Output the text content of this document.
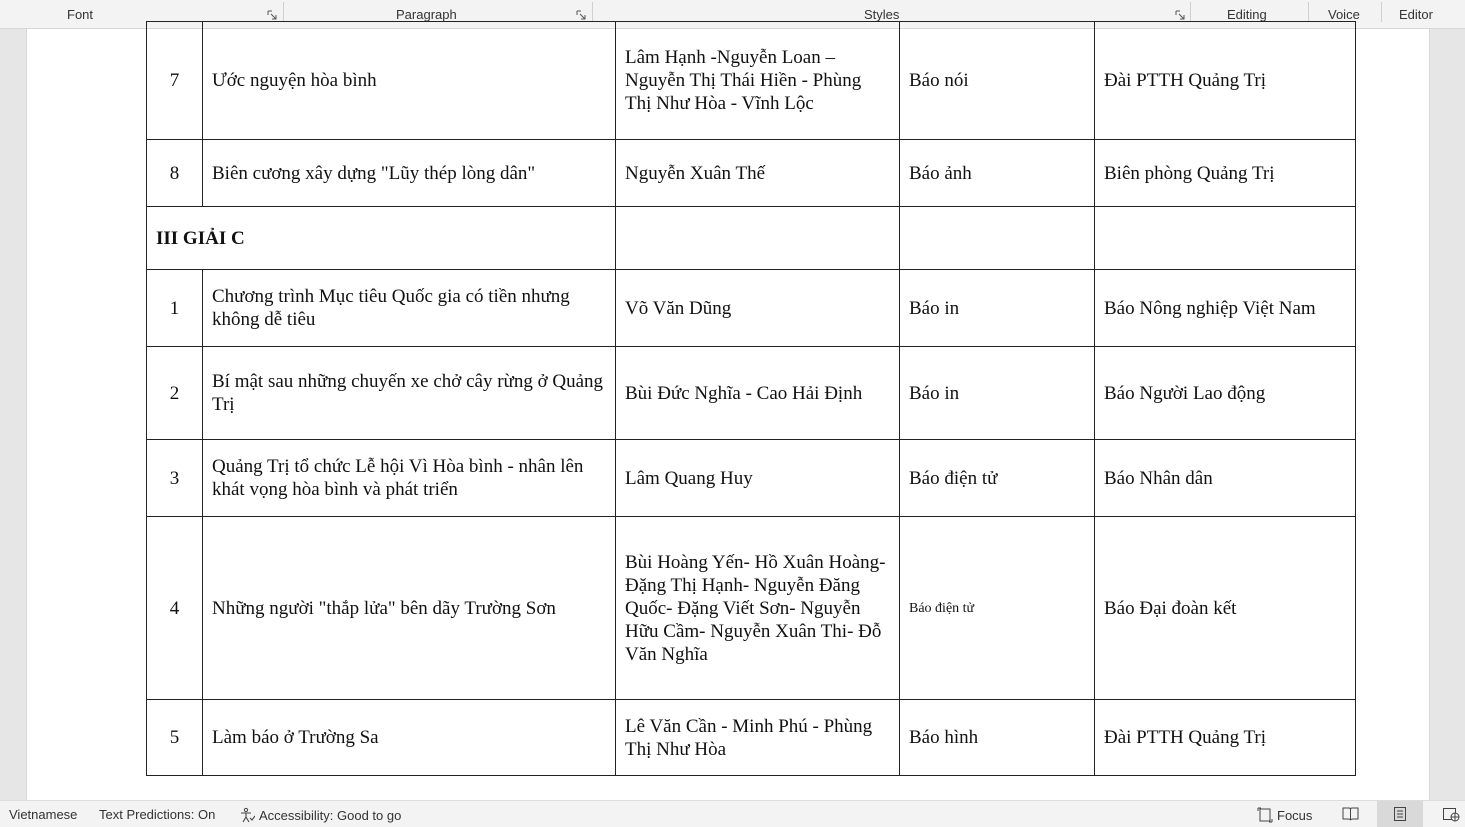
Font	Paragraph	Styles	Editing	Voice	Editor
7	Ước nguyện hòa bình	Lâm Hạnh -Nguyễn Loan – Nguyễn Thị Thái Hiền - Phùng Thị Như Hòa - Vĩnh Lộc	Báo nói	Đài PTTH Quảng Trị
8	Biên cương xây dựng "Lũy thép lòng dân"	Nguyễn Xuân Thế	Báo ảnh	Biên phòng Quảng Trị
III GIẢI C				
1	Chương trình Mục tiêu Quốc gia có tiền nhưng không dễ tiêu	Võ Văn Dũng	Báo in	Báo Nông nghiệp Việt Nam
2	Bí mật sau những chuyến xe chở cây rừng ở Quảng Trị	Bùi Đức Nghĩa - Cao Hải Định	Báo in	Báo Người Lao động
3	Quảng Trị tổ chức Lễ hội Vì Hòa bình - nhân lên khát vọng hòa bình và phát triển	Lâm Quang Huy	Báo điện tử	Báo Nhân dân
4	Những người "thắp lửa" bên dãy Trường Sơn	Bùi Hoàng Yến- Hồ Xuân Hoàng- Đặng Thị Hạnh- Nguyễn Đăng Quốc- Đặng Viết Sơn- Nguyễn Hữu Cầm- Nguyễn Xuân Thi- Đỗ Văn Nghĩa	Báo điện tử	Báo Đại đoàn kết
5	Làm báo ở Trường Sa	Lê Văn Cần - Minh Phú - Phùng Thị Như Hòa	Báo hình	Đài PTTH Quảng Trị
Vietnamese Text Predictions: On	Accessibility: Good to go	Focus
